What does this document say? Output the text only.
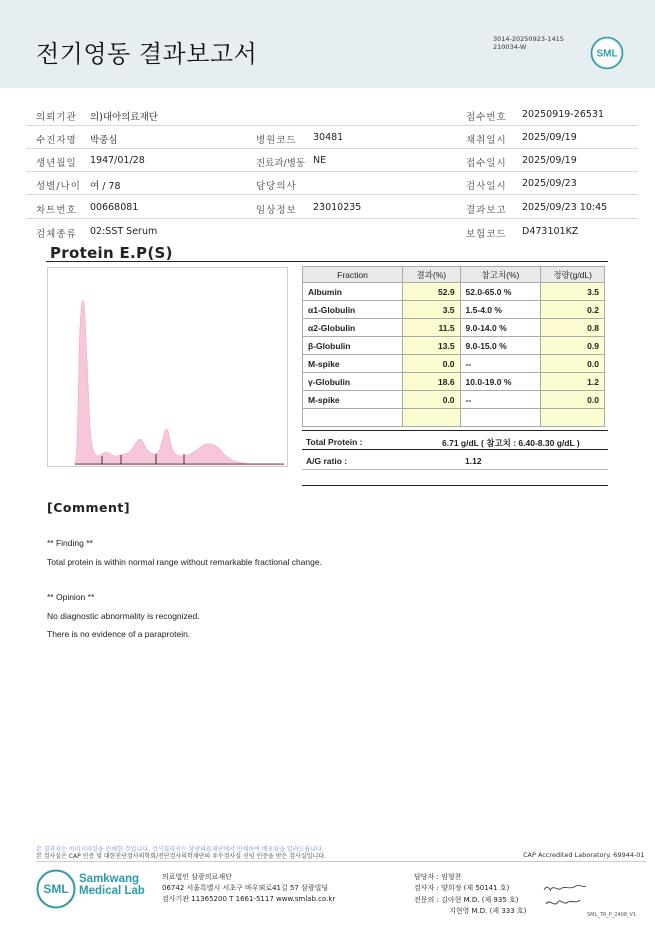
전기영동 결과보고서
3014-20250923-1415
210034-W
SML
의뢰기관 의)대아의료재단	접수번호 20250919-26531
수진자명 박중심	병원코드 30481	채취일시 2025/09/19
생년월일 1947/01/28	진료과/병동 NE	접수일시 2025/09/19
성별/나이 여 / 78	담당의사	검사일시 2025/09/23
차트번호 00668081	임상정보 23010235	결과보고 2025/09/23 10:45
검체종류 02:SST Serum	보험코드 D473101KZ
Protein E.P(S)
Fraction	결과(%)	참고치(%)	정량(g/dL)
Albumin	52.9	52.0-65.0 %	3.5
α1-Globulin	3.5	1.5-4.0 %	0.2
α2-Globulin	11.5	9.0-14.0 %	0.8
β-Globulin	13.5	9.0-15.0 %	0.9
M-spike	0.0	--	0.0
γ-Globulin	18.6	10.0-19.0 %	1.2
M-spike	0.0	--	0.0

Total Protein :	6.71 g/dL ( 참고치 : 6.40-8.30 g/dL )
A/G ratio :	1.12
[Comment]
** Finding **
Total protein is within normal range without remarkable fractional change.
** Opinion **
No diagnostic abnormality is recognized.
There is no evidence of a paraprotein.
본 결과지는 이미지파일을 인쇄한 것입니다. 정식결과지는 삼광의료재단에서 인쇄하여 배포됨을 알려드립니다.
본 검사실은 CAP 인증 및 대한진단검사의학회/진단검사의학재단의 우수검사실 신임 인증을 받은 검사실입니다.	CAP Accredited Laboratory. 69944-01
SML
Samkwang
Medical Lab
의료법인 삼광의료재단
06742 서울특별시 서초구 바우뫼로41길 57 삼광빌딩
검사기관 11365200 T 1661-5117 www.smlab.co.kr
담당자 : 임형찬
검사자 : 양희정 (제 50141 호)
전문의 : 김아현 M.D. (제 935 호)
지현영 M.D. (제 333 호)
SML_TR_P_2408_V1
